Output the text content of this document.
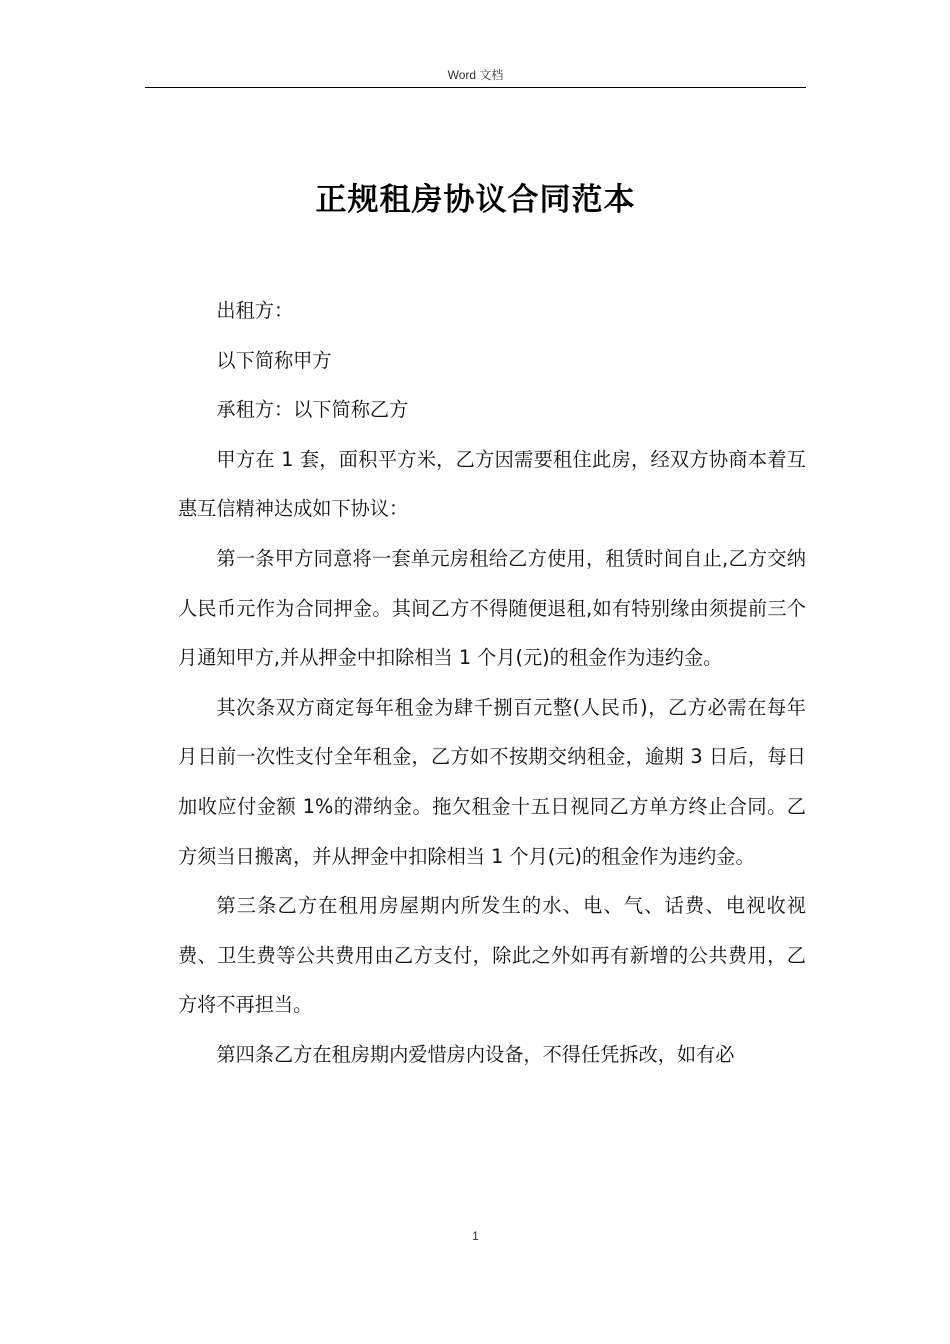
Word 文档
正规租房协议合同范本

出租方：

以下简称甲方

承租方：以下简称乙方

甲方在 1 套，面积平方米，乙方因需要租住此房，经双方协商本着互惠互信精神达成如下协议：

第一条甲方同意将一套单元房租给乙方使用，租赁时间自止,乙方交纳人民币元作为合同押金。其间乙方不得随便退租,如有特别缘由须提前三个月通知甲方,并从押金中扣除相当 1 个月(元)的租金作为违约金。

其次条双方商定每年租金为肆千捌百元整(人民币)，乙方必需在每年月日前一次性支付全年租金，乙方如不按期交纳租金，逾期 3 日后，每日加收应付金额 1%的滞纳金。拖欠租金十五日视同乙方单方终止合同。乙方须当日搬离，并从押金中扣除相当 1 个月(元)的租金作为违约金。

第三条乙方在租用房屋期内所发生的水、电、气、话费、电视收视费、卫生费等公共费用由乙方支付，除此之外如再有新增的公共费用，乙方将不再担当。

第四条乙方在租房期内爱惜房内设备，不得任凭拆改，如有必

1
